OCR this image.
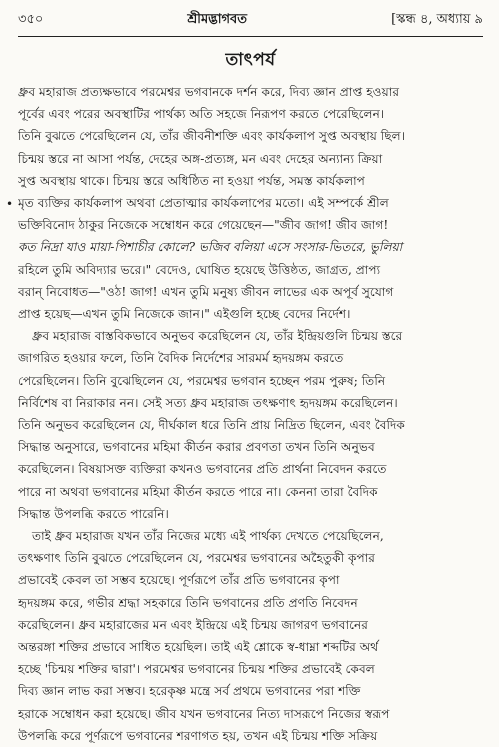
৩৫০	শ্রীমদ্ভাগবত	[স্কন্ধ ৪, অধ্যায় ৯
তাৎপর্য
•

ধ্রুব মহারাজ প্রত্যক্ষভাবে পরমেশ্বর ভগবানকে দর্শন করে, দিব্য জ্ঞান প্রাপ্ত হওয়ার
পূর্বের এবং পরের অবস্থাটির পার্থক্য অতি সহজে নিরূপণ করতে পেরেছিলেন।
তিনি বুঝতে পেরেছিলেন যে, তাঁর জীবনীশক্তি এবং কার্যকলাপ সুপ্ত অবস্থায় ছিল।
চিন্ময় স্তরে না আসা পর্যন্ত, দেহের অঙ্গ-প্রত্যঙ্গ, মন এবং দেহের অন্যান্য ক্রিয়া
সুপ্ত অবস্থায় থাকে। চিন্ময় স্তরে অধিষ্ঠিত না হওয়া পর্যন্ত, সমস্ত কার্যকলাপ
মৃত ব্যক্তির কার্যকলাপ অথবা প্রেতাত্মার কার্যকলাপের মতো। এই সম্পর্কে শ্রীল
ভক্তিবিনোদ ঠাকুর নিজেকে সম্বোধন করে গেয়েছেন—"জীব জাগ! জীব জাগ!
কত নিদ্রা যাও মায়া-পিশাচীর কোলে? ভজিব বলিয়া এসে সংসার-ভিতরে, ভুলিয়া
রহিলে তুমি অবিদ্যার ভরে।" বেদেও, ঘোষিত হয়েছে উত্তিষ্ঠত, জাগ্রত, প্রাপ্য
বরান্‌ নিবোধত—"ওঠ! জাগ! এখন তুমি মনুষ্য জীবন লাভের এক অপূর্ব সুযোগ
প্রাপ্ত হয়েছ—এখন তুমি নিজেকে জান।" এইগুলি হচ্ছে বেদের নির্দেশ।

ধ্রুব মহারাজ বাস্তবিকভাবে অনুভব করেছিলেন যে, তাঁর ইন্দ্রিয়গুলি চিন্ময় স্তরে
জাগরিত হওয়ার ফলে, তিনি বৈদিক নির্দেশের সারমর্ম হৃদয়ঙ্গম করতে
পেরেছিলেন। তিনি বুঝেছিলেন যে, পরমেশ্বর ভগবান হচ্ছেন পরম পুরুষ; তিনি
নির্বিশেষ বা নিরাকার নন। সেই সত্য ধ্রুব মহারাজ তৎক্ষণাৎ হৃদয়ঙ্গম করেছিলেন।
তিনি অনুভব করেছিলেন যে, দীর্ঘকাল ধরে তিনি প্রায় নিদ্রিত ছিলেন, এবং বৈদিক
সিদ্ধান্ত অনুসারে, ভগবানের মহিমা কীর্তন করার প্রবণতা তখন তিনি অনুভব
করেছিলেন। বিষয়াসক্ত ব্যক্তিরা কখনও ভগবানের প্রতি প্রার্থনা নিবেদন করতে
পারে না অথবা ভগবানের মহিমা কীর্তন করতে পারে না। কেননা তারা বৈদিক
সিদ্ধান্ত উপলব্ধি করতে পারেনি।

তাই ধ্রুব মহারাজ যখন তাঁর নিজের মধ্যে এই পার্থক্য দেখতে পেয়েছিলেন,
তৎক্ষণাৎ তিনি বুঝতে পেরেছিলেন যে, পরমেশ্বর ভগবানের অহৈতুকী কৃপার
প্রভাবেই কেবল তা সম্ভব হয়েছে। পূর্ণরূপে তাঁর প্রতি ভগবানের কৃপা
হৃদয়ঙ্গম করে, গভীর শ্রদ্ধা সহকারে তিনি ভগবানের প্রতি প্রণতি নিবেদন
করেছিলেন। ধ্রুব মহারাজের মন এবং ইন্দ্রিয়ে এই চিন্ময় জাগরণ ভগবানের
অন্তরঙ্গা শক্তির প্রভাবে সাধিত হয়েছিল। তাই এই শ্লোকে স্ব-ধাম্না শব্দটির অর্থ
হচ্ছে 'চিন্ময় শক্তির দ্বারা'। পরমেশ্বর ভগবানের চিন্ময় শক্তির প্রভাবেই কেবল
দিব্য জ্ঞান লাভ করা সম্ভব। হরেকৃষ্ণ মন্ত্রে সর্ব প্রথমে ভগবানের পরা শক্তি
হরাকে সম্বোধন করা হয়েছে। জীব যখন ভগবানের নিত্য দাসরূপে নিজের স্বরূপ
উপলব্ধি করে পূর্ণরূপে ভগবানের শরণাগত হয়, তখন এই চিন্ময় শক্তি সক্রিয়
